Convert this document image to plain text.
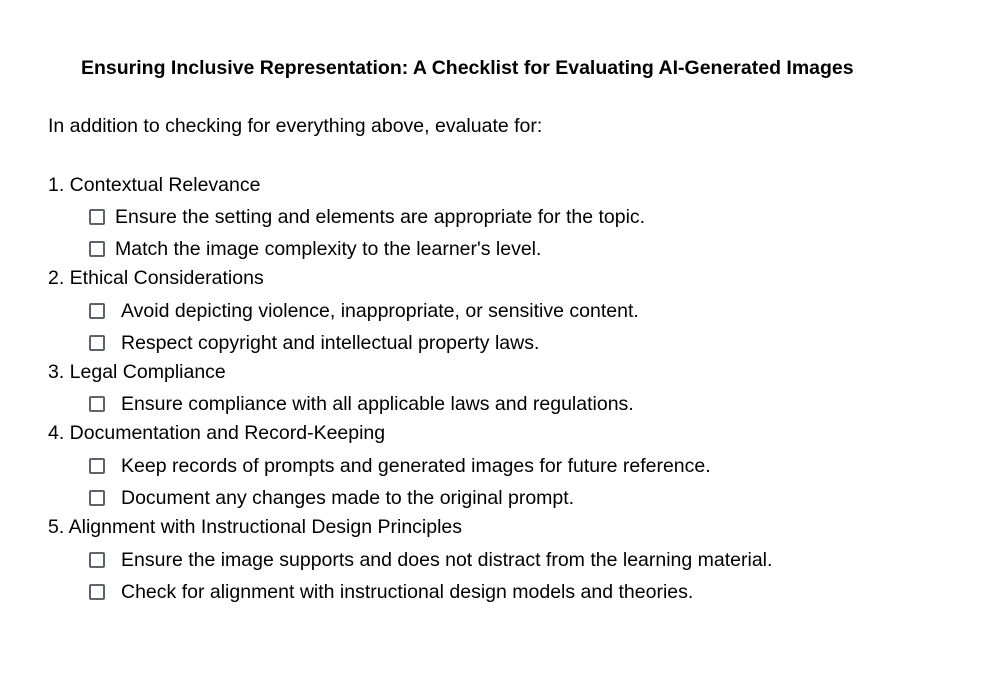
Ensuring Inclusive Representation: A Checklist for Evaluating AI-Generated Images
In addition to checking for everything above, evaluate for:
1. Contextual Relevance
Ensure the setting and elements are appropriate for the topic.
Match the image complexity to the learner's level.
2. Ethical Considerations
Avoid depicting violence, inappropriate, or sensitive content.
Respect copyright and intellectual property laws.
3. Legal Compliance
Ensure compliance with all applicable laws and regulations.
4. Documentation and Record-Keeping
Keep records of prompts and generated images for future reference.
Document any changes made to the original prompt.
5. Alignment with Instructional Design Principles
Ensure the image supports and does not distract from the learning material.
Check for alignment with instructional design models and theories.
